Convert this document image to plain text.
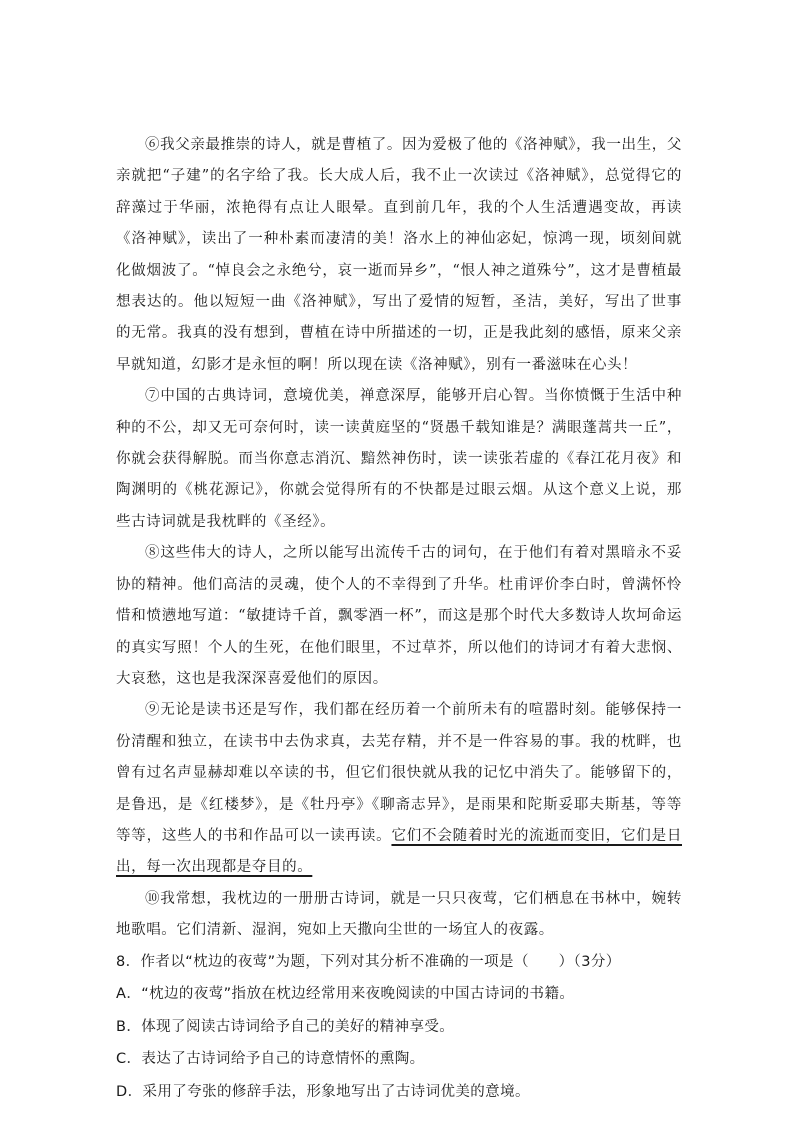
⑥我父亲最推崇的诗人，就是曹植了。因为爱极了他的《洛神赋》，我一出生，父亲就把“子建”的名字给了我。长大成人后，我不止一次读过《洛神赋》，总觉得它的辞藻过于华丽，浓艳得有点让人眼晕。直到前几年，我的个人生活遭遇变故，再读《洛神赋》，读出了一种朴素而凄清的美！洛水上的神仙宓妃，惊鸿一现，顷刻间就化做烟波了。“悼良会之永绝兮，哀一逝而异乡”，“恨人神之道殊兮”，这才是曹植最想表达的。他以短短一曲《洛神赋》，写出了爱情的短暂，圣洁，美好，写出了世事的无常。我真的没有想到，曹植在诗中所描述的一切，正是我此刻的感悟，原来父亲早就知道，幻影才是永恒的啊！所以现在读《洛神赋》，别有一番滋味在心头！

⑦中国的古典诗词，意境优美，禅意深厚，能够开启心智。当你愤慨于生活中种种的不公，却又无可奈何时，读一读黄庭坚的“贤愚千载知谁是？满眼蓬蒿共一丘”，你就会获得解脱。而当你意志消沉、黯然神伤时，读一读张若虚的《春江花月夜》和陶渊明的《桃花源记》，你就会觉得所有的不快都是过眼云烟。从这个意义上说，那些古诗词就是我枕畔的《圣经》。

⑧这些伟大的诗人，之所以能写出流传千古的词句，在于他们有着对黑暗永不妥协的精神。他们高洁的灵魂，使个人的不幸得到了升华。杜甫评价李白时，曾满怀怜惜和愤懑地写道：“敏捷诗千首，飘零酒一杯”，而这是那个时代大多数诗人坎坷命运的真实写照！个人的生死，在他们眼里，不过草芥，所以他们的诗词才有着大悲悯、大哀愁，这也是我深深喜爱他们的原因。

⑨无论是读书还是写作，我们都在经历着一个前所未有的喧嚣时刻。能够保持一份清醒和独立，在读书中去伪求真，去芜存精，并不是一件容易的事。我的枕畔，也曾有过名声显赫却难以卒读的书，但它们很快就从我的记忆中消失了。能够留下的，是鲁迅，是《红楼梦》，是《牡丹亭》《聊斋志异》，是雨果和陀斯妥耶夫斯基，等等等等，这些人的书和作品可以一读再读。它们不会随着时光的流逝而变旧，它们是日出，每一次出现都是夺目的。

⑩我常想，我枕边的一册册古诗词，就是一只只夜莺，它们栖息在书林中，婉转地歌唱。它们清新、湿润，宛如上天撒向尘世的一场宜人的夜露。

8．作者以“枕边的夜莺”为题，下列对其分析不准确的一项是（　　）（3分）

A．“枕边的夜莺”指放在枕边经常用来夜晚阅读的中国古诗词的书籍。

B．体现了阅读古诗词给予自己的美好的精神享受。

C．表达了古诗词给予自己的诗意情怀的熏陶。

D．采用了夸张的修辞手法，形象地写出了古诗词优美的意境。
